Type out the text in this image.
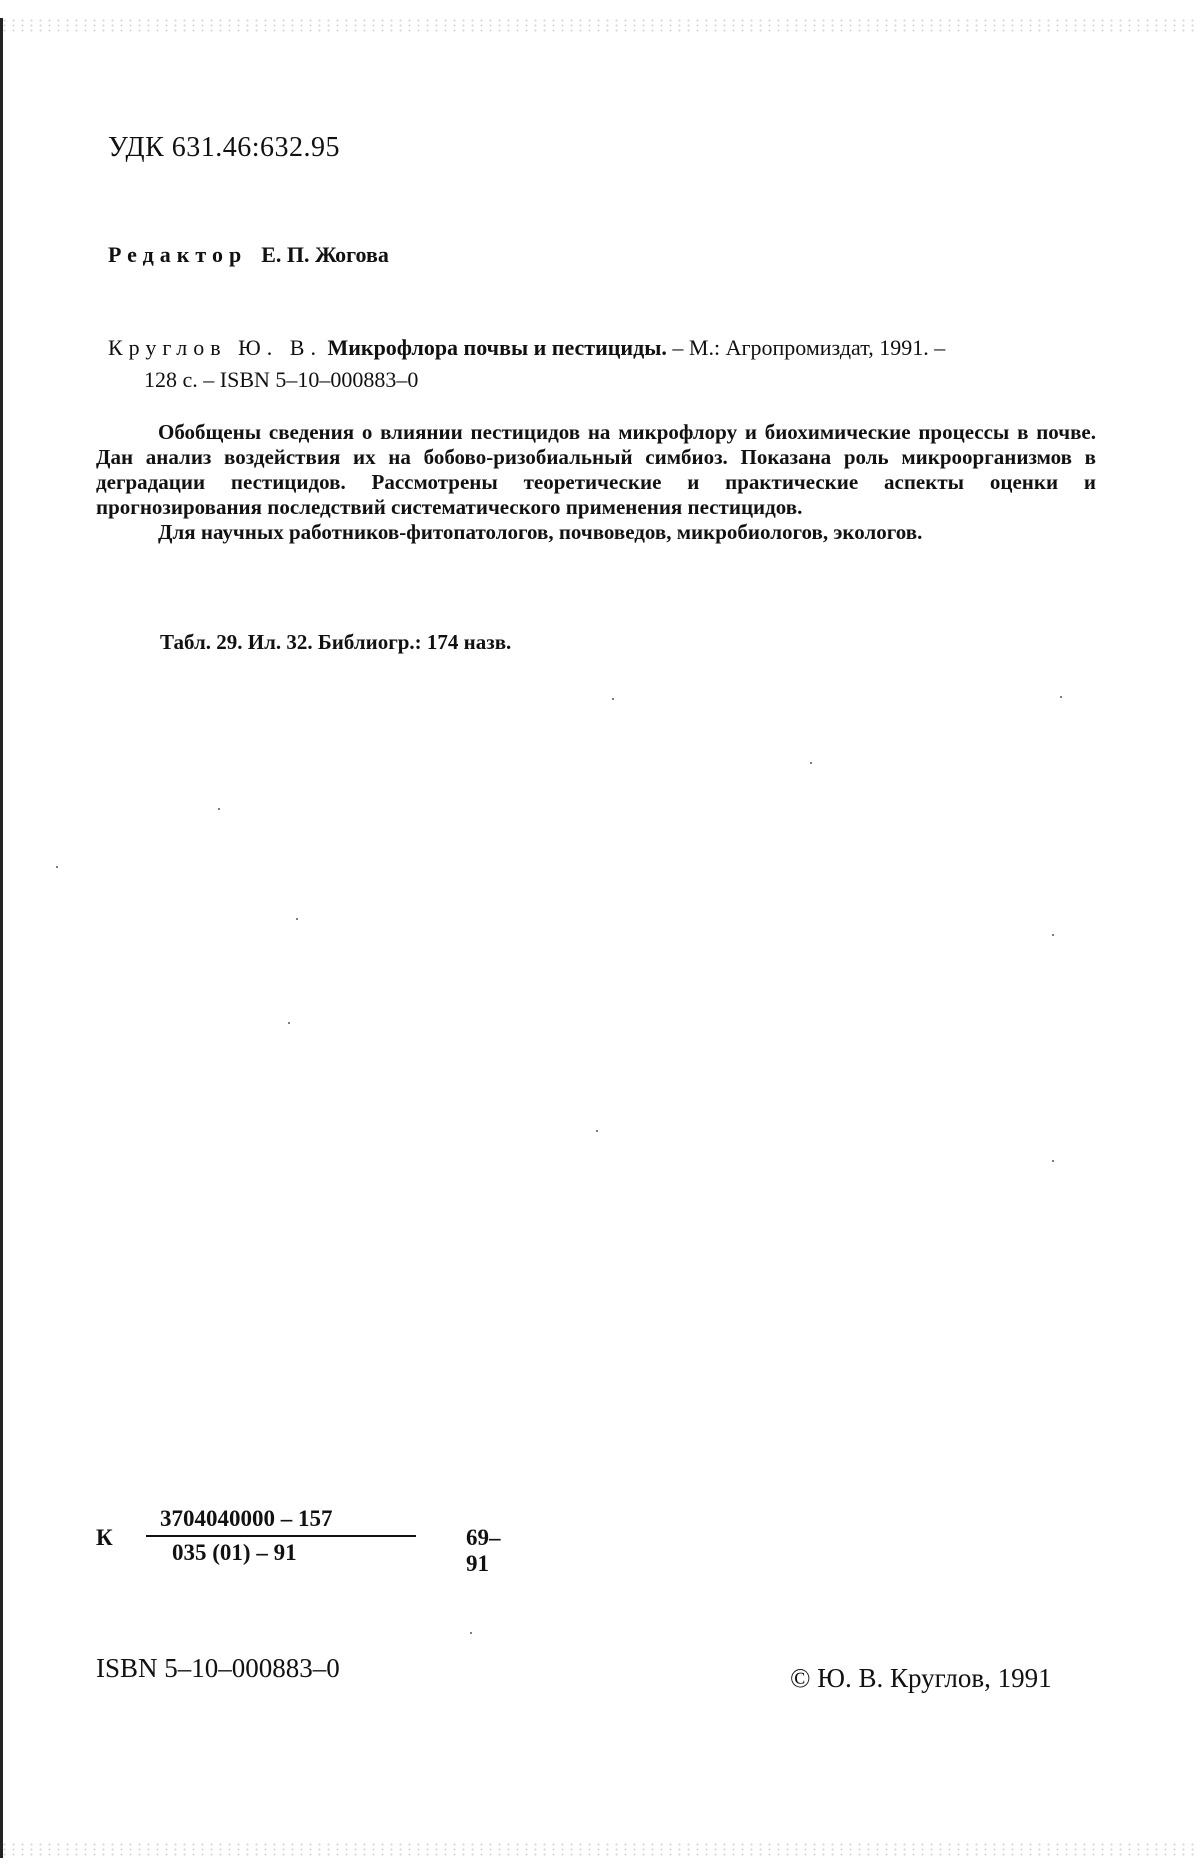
УДК 631.46:632.95
Редактор Е. П. Жогова
Круглов Ю. В. Микрофлора почвы и пестициды. – М.: Агропромиздат, 1991. –
128 с. – ISBN 5–10–000883–0

Обобщены сведения о влиянии пестицидов на микрофлору и биохимические процессы в почве. Дан анализ воздействия их на бобово-ризобиальный симбиоз. Показана роль микроорганизмов в деградации пестицидов. Рассмотрены теоретические и практические аспекты оценки и прогнозирования последствий систематического применения пестицидов.

Для научных работников-фитопатологов, почвоведов, микробиологов, экологов.

Табл. 29. Ил. 32. Библиогр.: 174 назв.
К
3704040000 – 157
035 (01) – 91
69–91
ISBN 5–10–000883–0	© Ю. В. Круглов, 1991
